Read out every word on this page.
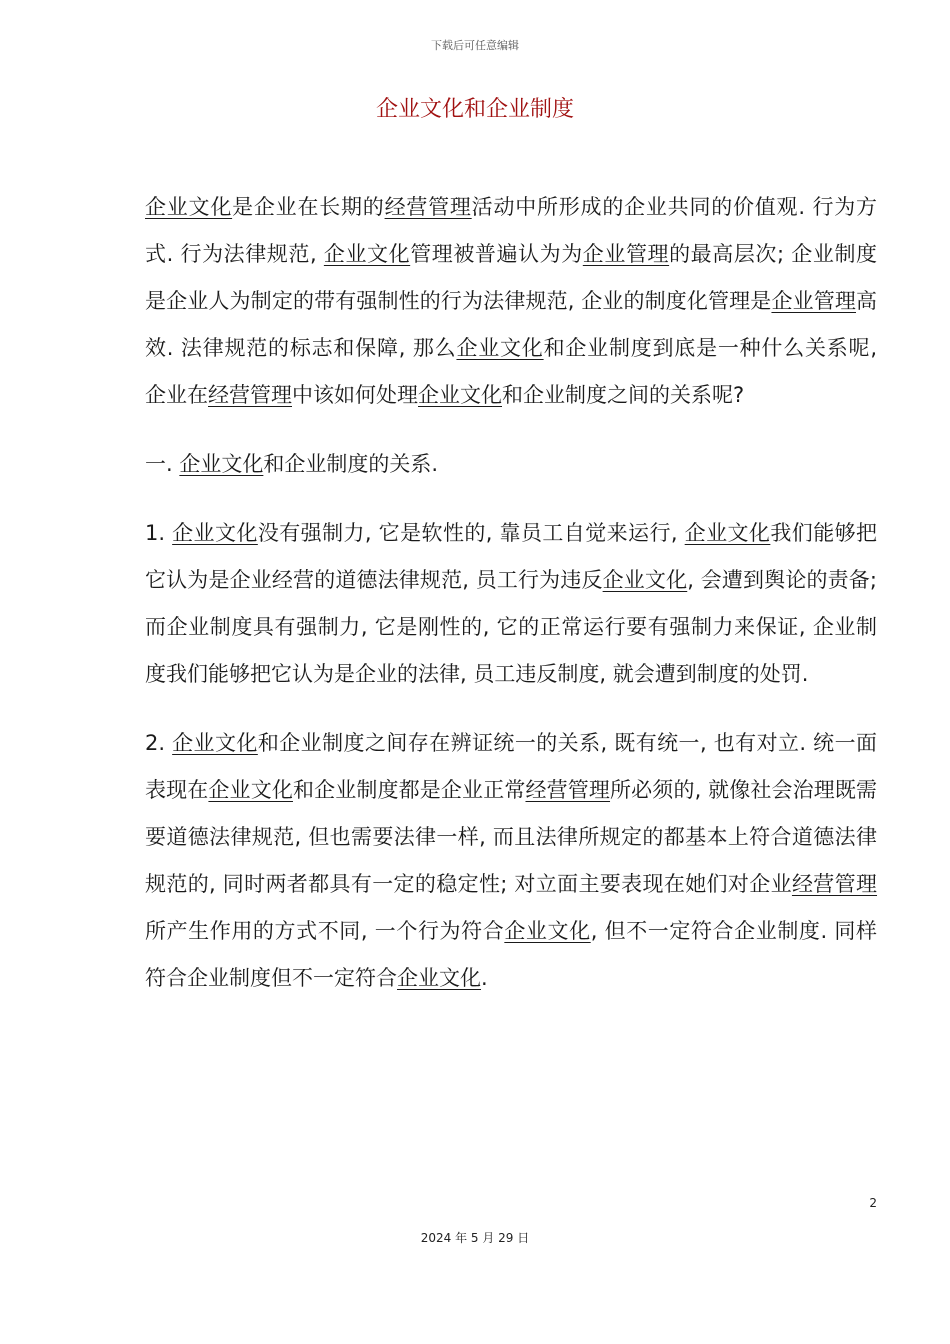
下载后可任意编辑
企业文化和企业制度

企业文化是企业在长期的经营管理活动中所形成的企业共同的价值观. 行为方式. 行为法律规范, 企业文化管理被普遍认为为企业管理的最高层次; 企业制度是企业人为制定的带有强制性的行为法律规范, 企业的制度化管理是企业管理高效. 法律规范的标志和保障, 那么企业文化和企业制度到底是一种什么关系呢, 企业在经营管理中该如何处理企业文化和企业制度之间的关系呢?

一. 企业文化和企业制度的关系.

1. 企业文化没有强制力, 它是软性的, 靠员工自觉来运行, 企业文化我们能够把它认为是企业经营的道德法律规范, 员工行为违反企业文化, 会遭到舆论的责备; 而企业制度具有强制力, 它是刚性的, 它的正常运行要有强制力来保证, 企业制度我们能够把它认为是企业的法律, 员工违反制度, 就会遭到制度的处罚.

2. 企业文化和企业制度之间存在辨证统一的关系, 既有统一, 也有对立. 统一面表现在企业文化和企业制度都是企业正常经营管理所必须的, 就像社会治理既需要道德法律规范, 但也需要法律一样, 而且法律所规定的都基本上符合道德法律规范的, 同时两者都具有一定的稳定性; 对立面主要表现在她们对企业经营管理所产生作用的方式不同, 一个行为符合企业文化, 但不一定符合企业制度. 同样符合企业制度但不一定符合企业文化.

2
2024 年 5 月 29 日
